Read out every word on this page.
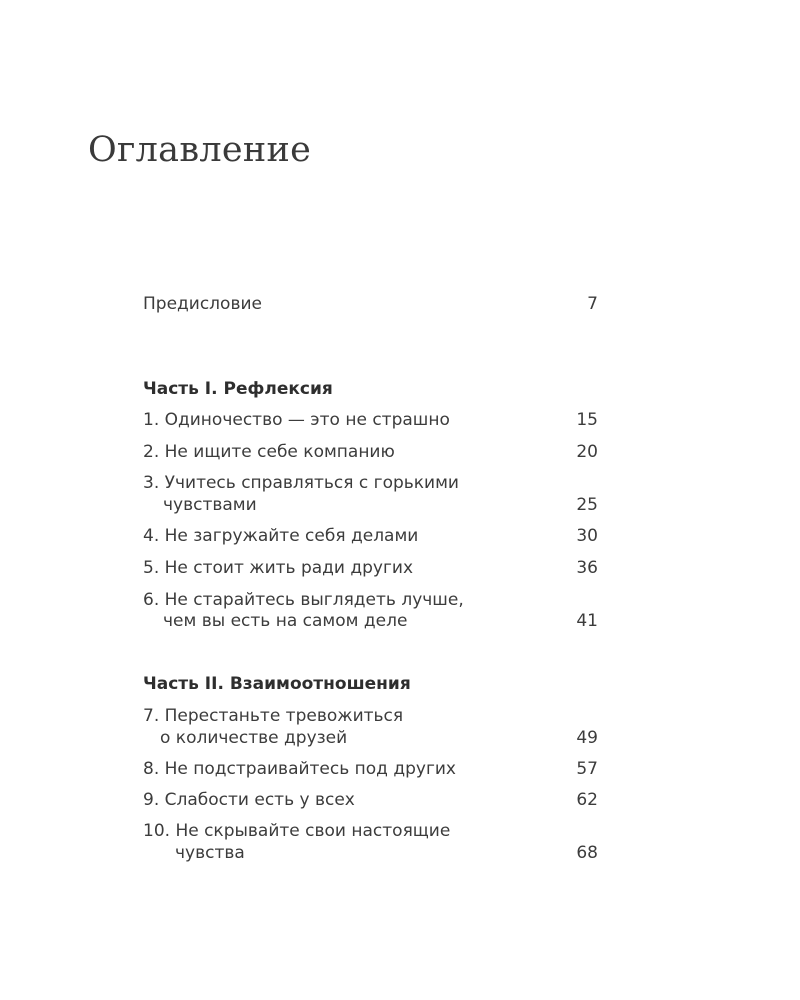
Оглавление
Предисловие	7
Часть I. Рефлексия
1. Одиночество — это не страшно	15
2. Не ищите себе компанию	20
3. Учитесь справляться с горькими
чувствами	25
4. Не загружайте себя делами	30
5. Не стоит жить ради других	36
6. Не старайтесь выглядеть лучше,
чем вы есть на самом деле	41
Часть II. Взаимоотношения
7. Перестаньте тревожиться
о количестве друзей	49
8. Не подстраивайтесь под других	57
9. Слабости есть у всех	62
10. Не скрывайте свои настоящие
чувства	68
